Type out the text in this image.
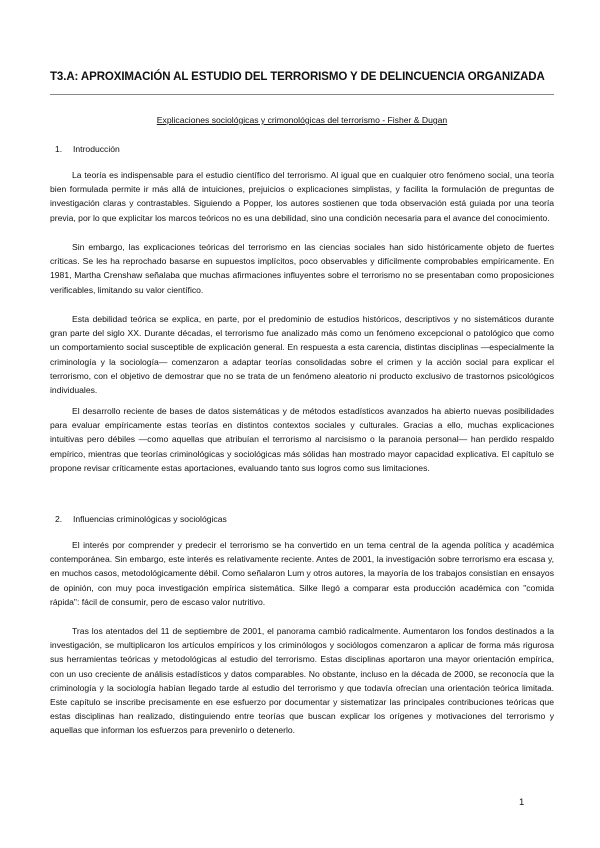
T3.A: APROXIMACIÓN AL ESTUDIO DEL TERRORISMO Y DE DELINCUENCIA ORGANIZADA
Explicaciones sociológicas y crimonológicas del terrorismo - Fisher & Dugan
1. Introducción

La teoría es indispensable para el estudio científico del terrorismo. Al igual que en cualquier otro fenómeno social, una teoría bien formulada permite ir más allá de intuiciones, prejuicios o explicaciones simplistas, y facilita la formulación de preguntas de investigación claras y contrastables. Siguiendo a Popper, los autores sostienen que toda observación está guiada por una teoría previa, por lo que explicitar los marcos teóricos no es una debilidad, sino una condición necesaria para el avance del conocimiento.

Sin embargo, las explicaciones teóricas del terrorismo en las ciencias sociales han sido históricamente objeto de fuertes críticas. Se les ha reprochado basarse en supuestos implícitos, poco observables y difícilmente comprobables empíricamente. En 1981, Martha Crenshaw señalaba que muchas afirmaciones influyentes sobre el terrorismo no se presentaban como proposiciones verificables, limitando su valor científico.

Esta debilidad teórica se explica, en parte, por el predominio de estudios históricos, descriptivos y no sistemáticos durante gran parte del siglo XX. Durante décadas, el terrorismo fue analizado más como un fenómeno excepcional o patológico que como un comportamiento social susceptible de explicación general. En respuesta a esta carencia, distintas disciplinas —especialmente la criminología y la sociología— comenzaron a adaptar teorías consolidadas sobre el crimen y la acción social para explicar el terrorismo, con el objetivo de demostrar que no se trata de un fenómeno aleatorio ni producto exclusivo de trastornos psicológicos individuales.

El desarrollo reciente de bases de datos sistemáticas y de métodos estadísticos avanzados ha abierto nuevas posibilidades para evaluar empíricamente estas teorías en distintos contextos sociales y culturales. Gracias a ello, muchas explicaciones intuitivas pero débiles —como aquellas que atribuían el terrorismo al narcisismo o la paranoia personal— han perdido respaldo empírico, mientras que teorías criminológicas y sociológicas más sólidas han mostrado mayor capacidad explicativa. El capítulo se propone revisar críticamente estas aportaciones, evaluando tanto sus logros como sus limitaciones.

2. Influencias criminológicas y sociológicas

El interés por comprender y predecir el terrorismo se ha convertido en un tema central de la agenda política y académica contemporánea. Sin embargo, este interés es relativamente reciente. Antes de 2001, la investigación sobre terrorismo era escasa y, en muchos casos, metodológicamente débil. Como señalaron Lum y otros autores, la mayoría de los trabajos consistían en ensayos de opinión, con muy poca investigación empírica sistemática. Silke llegó a comparar esta producción académica con "comida rápida": fácil de consumir, pero de escaso valor nutritivo.

Tras los atentados del 11 de septiembre de 2001, el panorama cambió radicalmente. Aumentaron los fondos destinados a la investigación, se multiplicaron los artículos empíricos y los criminólogos y sociólogos comenzaron a aplicar de forma más rigurosa sus herramientas teóricas y metodológicas al estudio del terrorismo. Estas disciplinas aportaron una mayor orientación empírica, con un uso creciente de análisis estadísticos y datos comparables. No obstante, incluso en la década de 2000, se reconocía que la criminología y la sociología habían llegado tarde al estudio del terrorismo y que todavía ofrecían una orientación teórica limitada. Este capítulo se inscribe precisamente en ese esfuerzo por documentar y sistematizar las principales contribuciones teóricas que estas disciplinas han realizado, distinguiendo entre teorías que buscan explicar los orígenes y motivaciones del terrorismo y aquellas que informan los esfuerzos para prevenirlo o detenerlo.

1
